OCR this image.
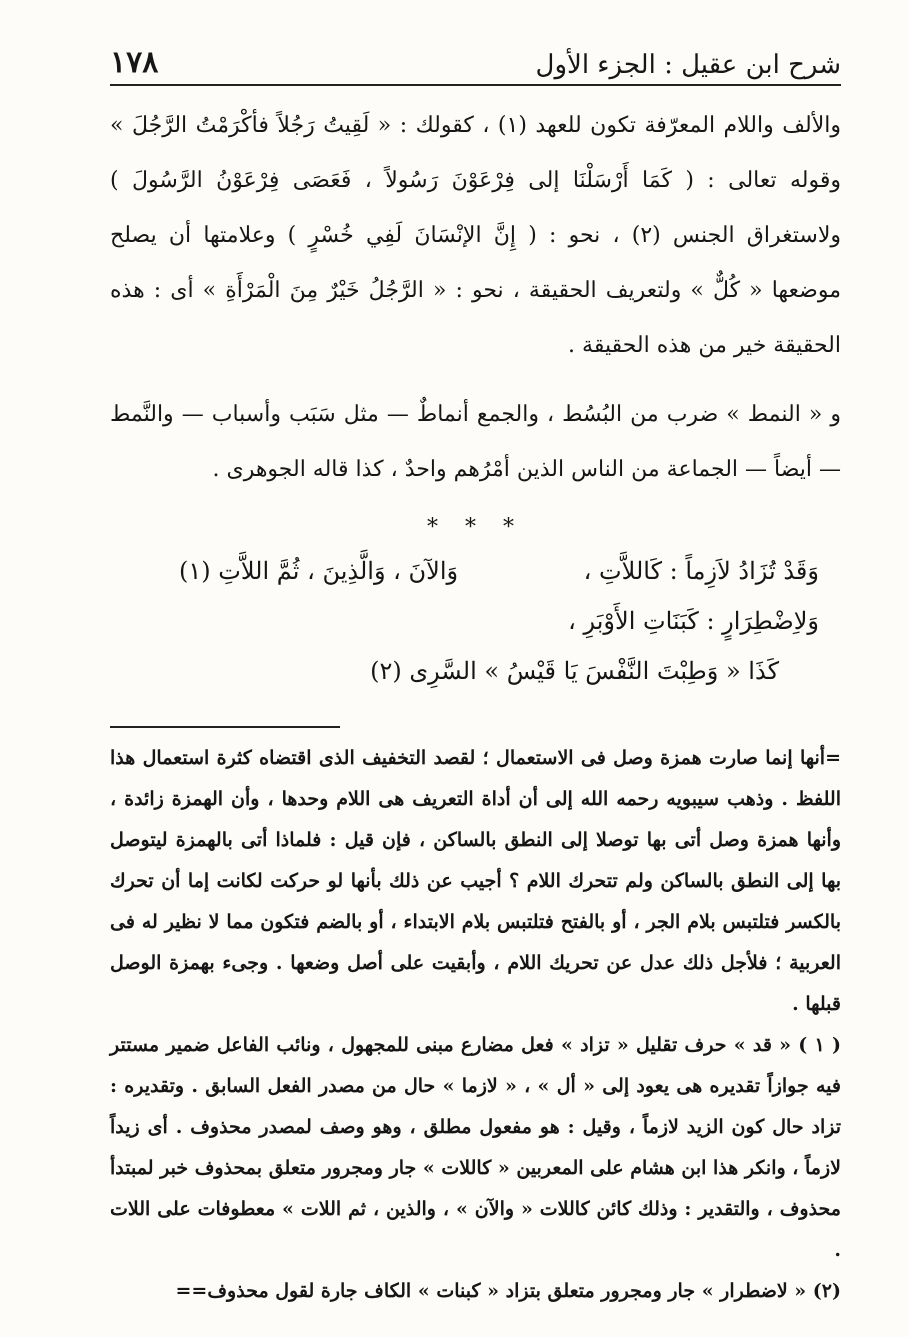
شرح ابن عقيل : الجزء الأول
١٧٨

والألف واللام المعرّفة تكون للعهد (١) ، كقولك : « لَقِيتُ رَجُلاً فأكْرَمْتُ الرَّجُلَ » وقوله تعالى : ( كَمَا أَرْسَلْنَا إلى فِرْعَوْنَ رَسُولاً ، فَعَصَى فِرْعَوْنُ الرَّسُولَ ) ولاستغراق الجنس (٢) ، نحو : ( إِنَّ الإنْسَانَ لَفِي خُسْرٍ ) وعلامتها أن يصلح موضعها « كُلٌّ » ولتعريف الحقيقة ، نحو : « الرَّجُلُ خَيْرٌ مِنَ الْمَرْأَةِ » أى : هذه الحقيقة خير من هذه الحقيقة .

و « النمط » ضرب من البُسُط ، والجمع أنماطٌ — مثل سَبَب وأسباب — والنَّمط — أيضاً — الجماعة من الناس الذين أمْرُهم واحدٌ ، كذا قاله الجوهرى .

* * *
وَقَدْ تُزَادُ لاَزِماً : كَاللاَّتِ ،
وَالآنَ ، وَالَّذِينَ ، ثُمَّ اللاَّتِ (١)
وَلاِضْطِرَارٍ : كَبَنَاتِ الأَوْبَرِ ،
كَذَا « وَطِبْتَ النَّفْسَ يَا قَيْسُ » السَّرِى (٢)

=أنها إنما صارت همزة وصل فى الاستعمال ؛ لقصد التخفيف الذى اقتضاه كثرة استعمال هذا اللفظ . وذهب سيبويه رحمه الله إلى أن أداة التعريف هى اللام وحدها ، وأن الهمزة زائدة ، وأنها همزة وصل أتى بها توصلا إلى النطق بالساكن ، فإن قيل : فلماذا أتى بالهمزة ليتوصل بها إلى النطق بالساكن ولم تتحرك اللام ؟ أجيب عن ذلك بأنها لو حركت لكانت إما أن تحرك بالكسر فتلتبس بلام الجر ، أو بالفتح فتلتبس بلام الابتداء ، أو بالضم فتكون مما لا نظير له فى العربية ؛ فلأجل ذلك عدل عن تحريك اللام ، وأبقيت على أصل وضعها . وجىء بهمزة الوصل قبلها .

( ١ ) « قد » حرف تقليل « تزاد » فعل مضارع مبنى للمجهول ، ونائب الفاعل ضمير مستتر فيه جوازاً تقديره هى يعود إلى « أل » ، « لازما » حال من مصدر الفعل السابق . وتقديره : تزاد حال كون الزيد لازماً ، وقيل : هو مفعول مطلق ، وهو وصف لمصدر محذوف . أى زيداً لازماً ، وانكر هذا ابن هشام على المعربين « كاللات » جار ومجرور متعلق بمحذوف خبر لمبتدأ محذوف ، والتقدير : وذلك كائن كاللات « والآن » ، والذين ، ثم اللات » معطوفات على اللات .

(٢) « لاضطرار » جار ومجرور متعلق بتزاد « كبنات » الكاف جارة لقول محذوف==
